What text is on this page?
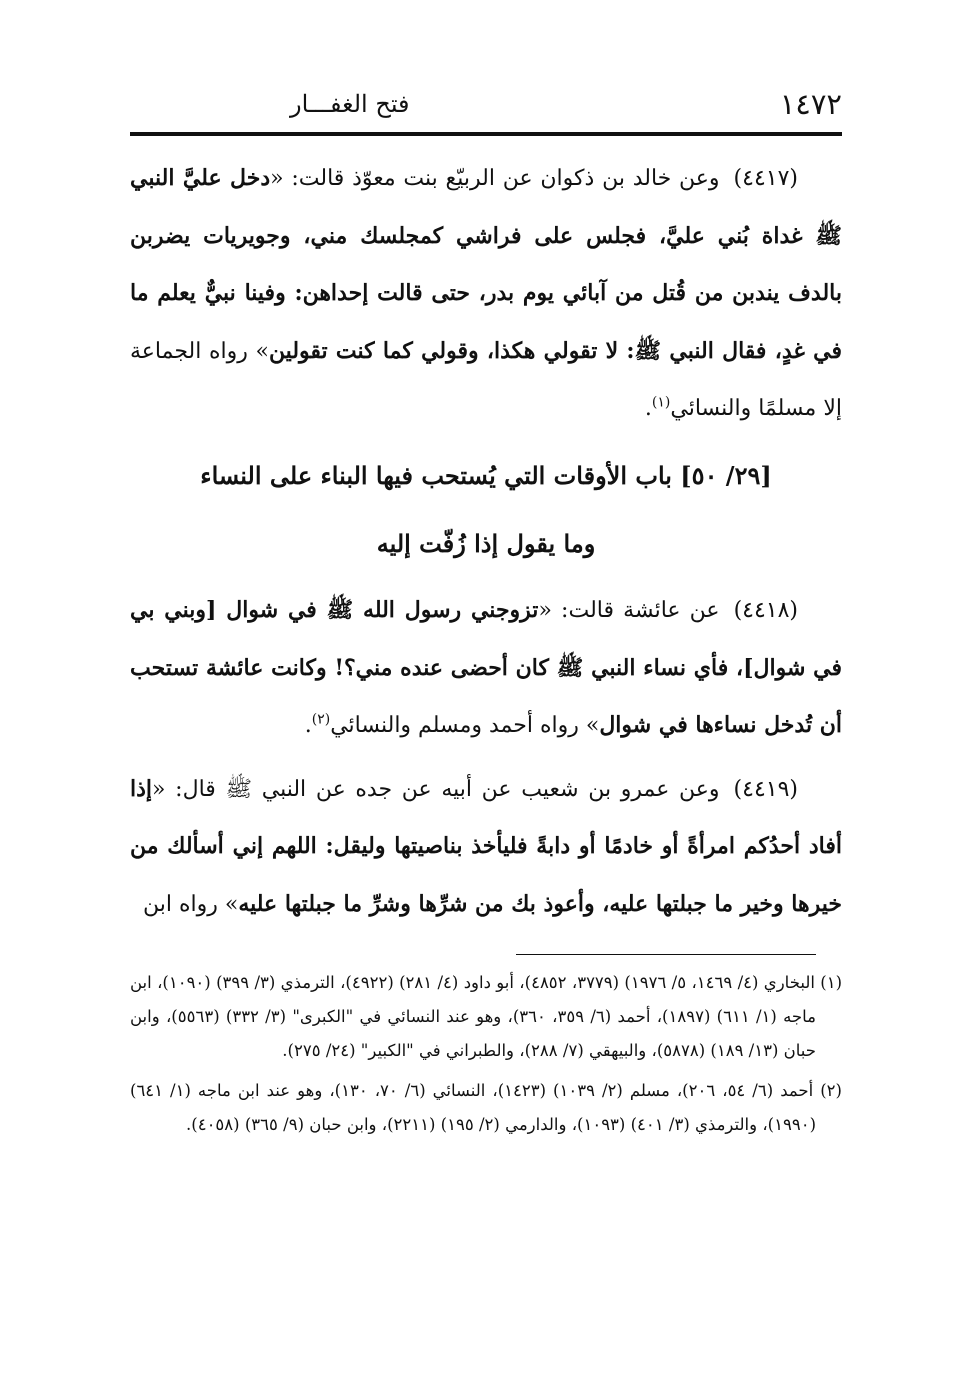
١٤٧٢
فتح الغفـــار

(٤٤١٧)وعن خالد بن ذكوان عن الربيّع بنت معوّذ قالت: «دخل عليَّ النبي ﷺ غداة بُني عليَّ، فجلس على فراشي كمجلسك مني، وجويريات يضربن بالدف يندبن من قُتل من آبائي يوم بدر، حتى قالت إحداهن: وفينا نبيٌّ يعلم ما في غدٍ، فقال النبي ﷺ: لا تقولي هكذا، وقولي كما كنت تقولين» رواه الجماعة إلا مسلمًا والنسائي$^{(١)}$.

[٢٩/ ٥٠] باب الأوقات التي يُستحب فيها البناء على النساء
وما يقول إذا زُفّت إليه

(٤٤١٨)عن عائشة قالت: «تزوجني رسول الله ﷺ في شوال [وبني بي في شوال]، فأي نساء النبي ﷺ كان أحضى عنده مني؟! وكانت عائشة تستحب أن تُدخل نساءها في شوال» رواه أحمد ومسلم والنسائي$^{(٢)}$.

(٤٤١٩)وعن عمرو بن شعيب عن أبيه عن جده عن النبي ﷺ قال: «إذا أفاد أحدُكم امرأةً أو خادمًا أو دابةً فليأخذ بناصيتها وليقل: اللهم إني أسألك من خيرها وخير ما جبلتها عليه، وأعوذ بك من شرِّها وشرِّ ما جبلتها عليه» رواه ابن

(١) البخاري (٤/ ١٤٦٩، ٥/ ١٩٧٦) (٣٧٧٩، ٤٨٥٢)، أبو داود (٤/ ٢٨١) (٤٩٢٢)، الترمذي (٣/ ٣٩٩) (١٠٩٠)، ابن ماجه (١/ ٦١١) (١٨٩٧)، أحمد (٦/ ٣٥٩، ٣٦٠)، وهو عند النسائي في "الكبرى" (٣/ ٣٣٢) (٥٥٦٣)، وابن حبان (١٣/ ١٨٩) (٥٨٧٨)، والبيهقي (٧/ ٢٨٨)، والطبراني في "الكبير" (٢٤/ ٢٧٥).

(٢) أحمد (٦/ ٥٤، ٢٠٦)، مسلم (٢/ ١٠٣٩) (١٤٢٣)، النسائي (٦/ ٧٠، ١٣٠)، وهو عند ابن ماجه (١/ ٦٤١) (١٩٩٠)، والترمذي (٣/ ٤٠١) (١٠٩٣)، والدارمي (٢/ ١٩٥) (٢٢١١)، وابن حبان (٩/ ٣٦٥) (٤٠٥٨).
